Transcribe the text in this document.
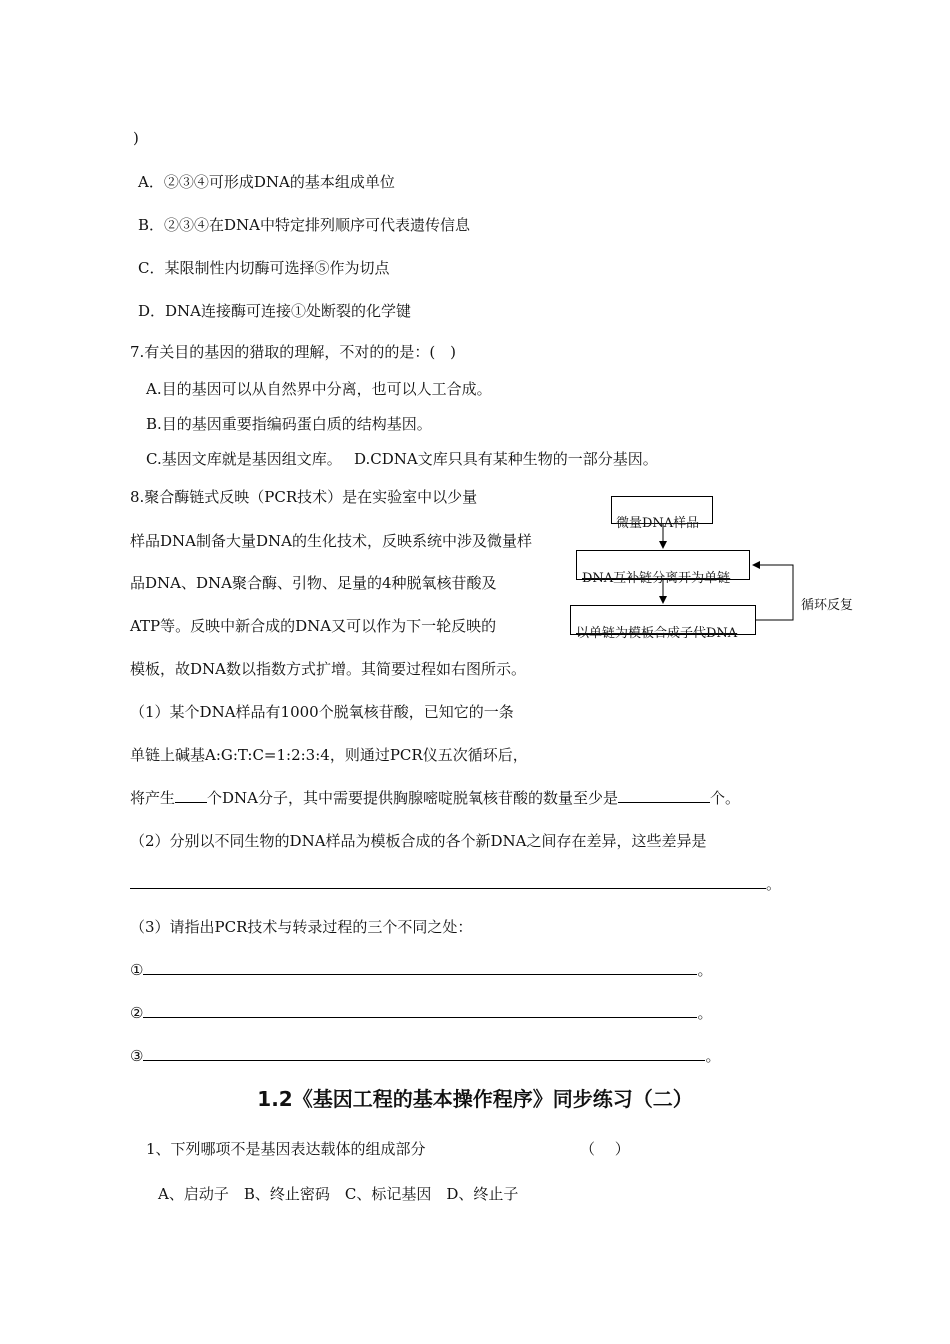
)
A．②③④可形成DNA的基本组成单位
B．②③④在DNA中特定排列顺序可代表遗传信息
C．某限制性内切酶可选择⑤作为切点
D．DNA连接酶可连接①处断裂的化学键
7.有关目的基因的猎取的理解，不对的的是：(　)
A.目的基因可以从自然界中分离，也可以人工合成。
B.目的基因重要指编码蛋白质的结构基因。
C.基因文库就是基因组文库。　 D.CDNA文库只具有某种生物的一部分基因。
8.聚合酶链式反映（PCR技术）是在实验室中以少量
样品DNA制备大量DNA的生化技术，反映系统中涉及微量样
品DNA、DNA聚合酶、引物、足量的4种脱氧核苷酸及
ATP等。反映中新合成的DNA又可以作为下一轮反映的
模板，故DNA数以指数方式扩增。其简要过程如右图所示。
（1）某个DNA样品有1000个脱氧核苷酸，已知它的一条
单链上碱基A:G:T:C=1:2:3:4，则通过PCR仪五次循环后，
将产生 个DNA分子，其中需要提供胸腺嘧啶脱氧核苷酸的数量至少是	个。
（2）分别以不同生物的DNA样品为模板合成的各个新DNA之间存在差异，这些差异是
。
（3）请指出PCR技术与转录过程的三个不同之处：
①	。
②	。
③	。
微量DNA样品
DNA互补链分离开为单链
以单链为模板合成子代DNA
循环反复
1.2《基因工程的基本操作程序》同步练习（二）
1、下列哪项不是基因表达载体的组成部分	（　 ）
A、启动子　B、终止密码　C、标记基因　D、终止子
